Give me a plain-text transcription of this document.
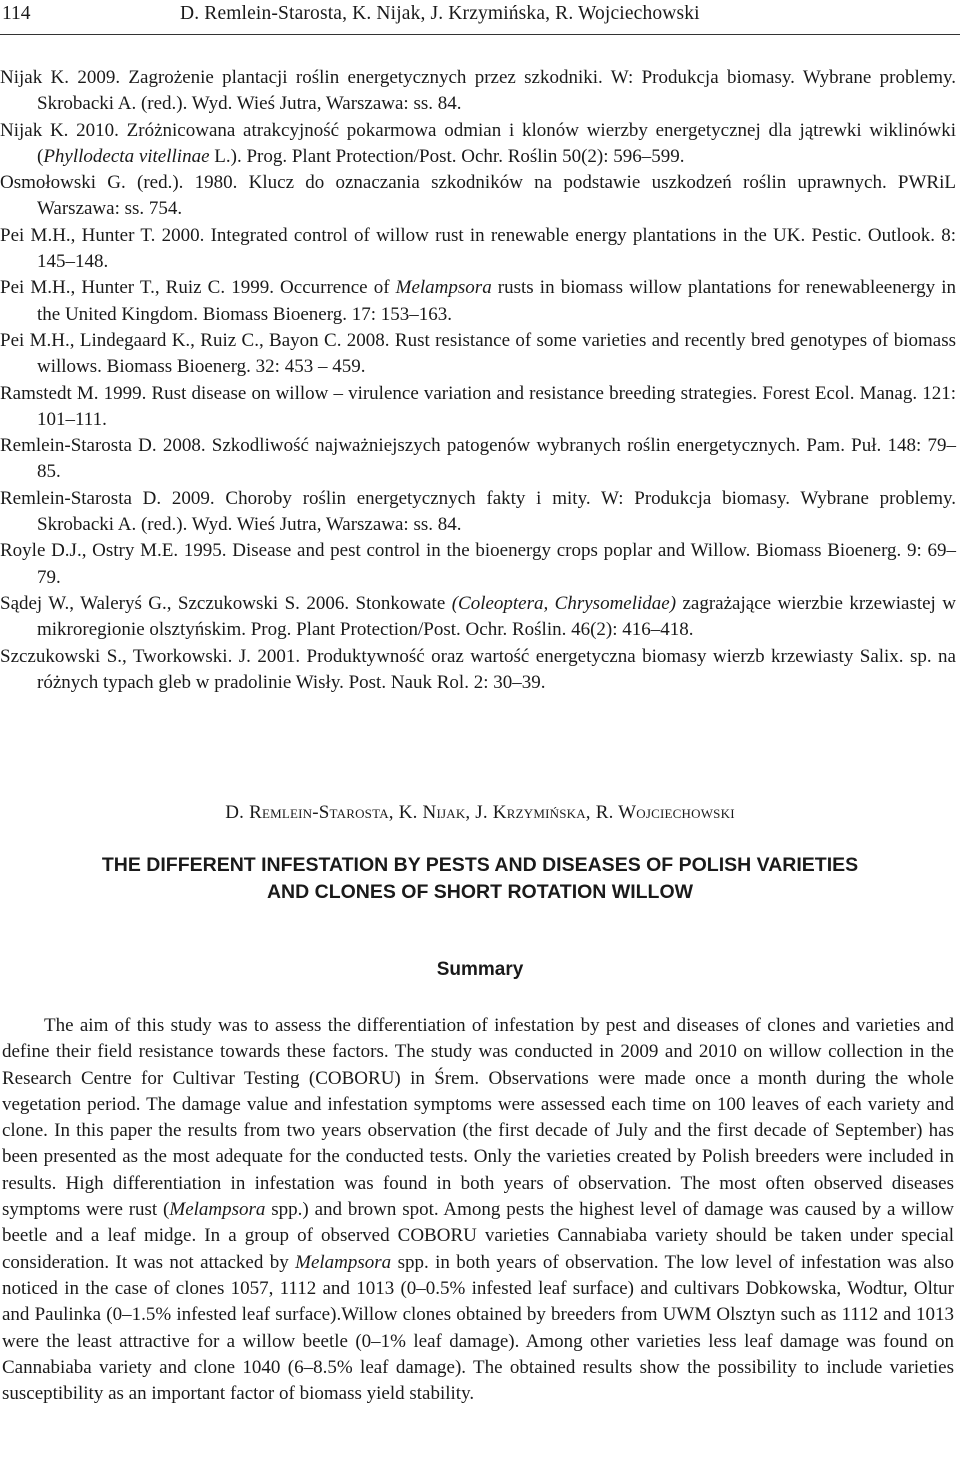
114	D. Remlein-Starosta, K. Nijak, J. Krzymińska, R. Wojciechowski

Nijak K. 2009. Zagrożenie plantacji roślin energetycznych przez szkodniki. W: Produkcja biomasy. Wybrane problemy. Skrobacki A. (red.). Wyd. Wieś Jutra, Warszawa: ss. 84.

Nijak K. 2010. Zróżnicowana atrakcyjność pokarmowa odmian i klonów wierzby energetycznej dla jątrewki wiklinówki (Phyllodecta vitellinae L.). Prog. Plant Protection/Post. Ochr. Roślin 50(2): 596–599.

Osmołowski G. (red.). 1980. Klucz do oznaczania szkodników na podstawie uszkodzeń roślin uprawnych. PWRiL Warszawa: ss. 754.

Pei M.H., Hunter T. 2000. Integrated control of willow rust in renewable energy plantations in the UK. Pestic. Outlook. 8: 145–148.

Pei M.H., Hunter T., Ruiz C. 1999. Occurrence of Melampsora rusts in biomass willow plantations for renewableenergy in the United Kingdom. Biomass Bioenerg. 17: 153–163.

Pei M.H., Lindegaard K., Ruiz C., Bayon C. 2008. Rust resistance of some varieties and recently bred genotypes of biomass willows. Biomass Bioenerg. 32: 453 – 459.

Ramstedt M. 1999. Rust disease on willow – virulence variation and resistance breeding strategies. Forest Ecol. Manag. 121: 101–111.

Remlein-Starosta D. 2008. Szkodliwość najważniejszych patogenów wybranych roślin energetycznych. Pam. Puł. 148: 79–85.

Remlein-Starosta D. 2009. Choroby roślin energetycznych fakty i mity. W: Produkcja biomasy. Wybrane problemy. Skrobacki A. (red.). Wyd. Wieś Jutra, Warszawa: ss. 84.

Royle D.J., Ostry M.E. 1995. Disease and pest control in the bioenergy crops poplar and Willow. Biomass Bioenerg. 9: 69–79.

Sądej W., Waleryś G., Szczukowski S. 2006. Stonkowate (Coleoptera, Chrysomelidae) zagrażające wierzbie krzewiastej w mikroregionie olsztyńskim. Prog. Plant Protection/Post. Ochr. Roślin. 46(2): 416–418.

Szczukowski S., Tworkowski. J. 2001. Produktywność oraz wartość energetyczna biomasy wierzb krzewiasty Salix. sp. na różnych typach gleb w pradolinie Wisły. Post. Nauk Rol. 2: 30–39.

D. Remlein-Starosta, K. Nijak, J. Krzymińska, R. Wojciechowski
THE DIFFERENT INFESTATION BY PESTS AND DISEASES OF POLISH VARIETIES
AND CLONES OF SHORT ROTATION WILLOW
Summary

The aim of this study was to assess the differentiation of infestation by pest and diseases of clones and varieties and define their field resistance towards these factors. The study was conducted in 2009 and 2010 on willow collection in the Research Centre for Cultivar Testing (COBORU) in Śrem. Observations were made once a month during the whole vegetation period. The damage value and infestation symptoms were assessed each time on 100 leaves of each variety and clone. In this paper the results from two years observation (the first decade of July and the first decade of September) has been presented as the most adequate for the conducted tests. Only the varieties created by Polish breeders were included in results. High differentiation in infestation was found in both years of observation. The most often observed diseases symptoms were rust (Melampsora spp.) and brown spot. Among pests the highest level of damage was caused by a willow beetle and a leaf midge. In a group of observed COBORU varieties Cannabiaba variety should be taken under special consideration. It was not attacked by Melampsora spp. in both years of observation. The low level of infestation was also noticed in the case of clones 1057, 1112 and 1013 (0–0.5% infested leaf surface) and cultivars Dobkowska, Wodtur, Oltur and Paulinka (0–1.5% infested leaf surface).Willow clones obtained by breeders from UWM Olsztyn such as 1112 and 1013 were the least attractive for a willow beetle (0–1% leaf damage). Among other varieties less leaf damage was found on Cannabiaba variety and clone 1040 (6–8.5% leaf damage). The obtained results show the possibility to include varieties susceptibility as an important factor of biomass yield stability.
